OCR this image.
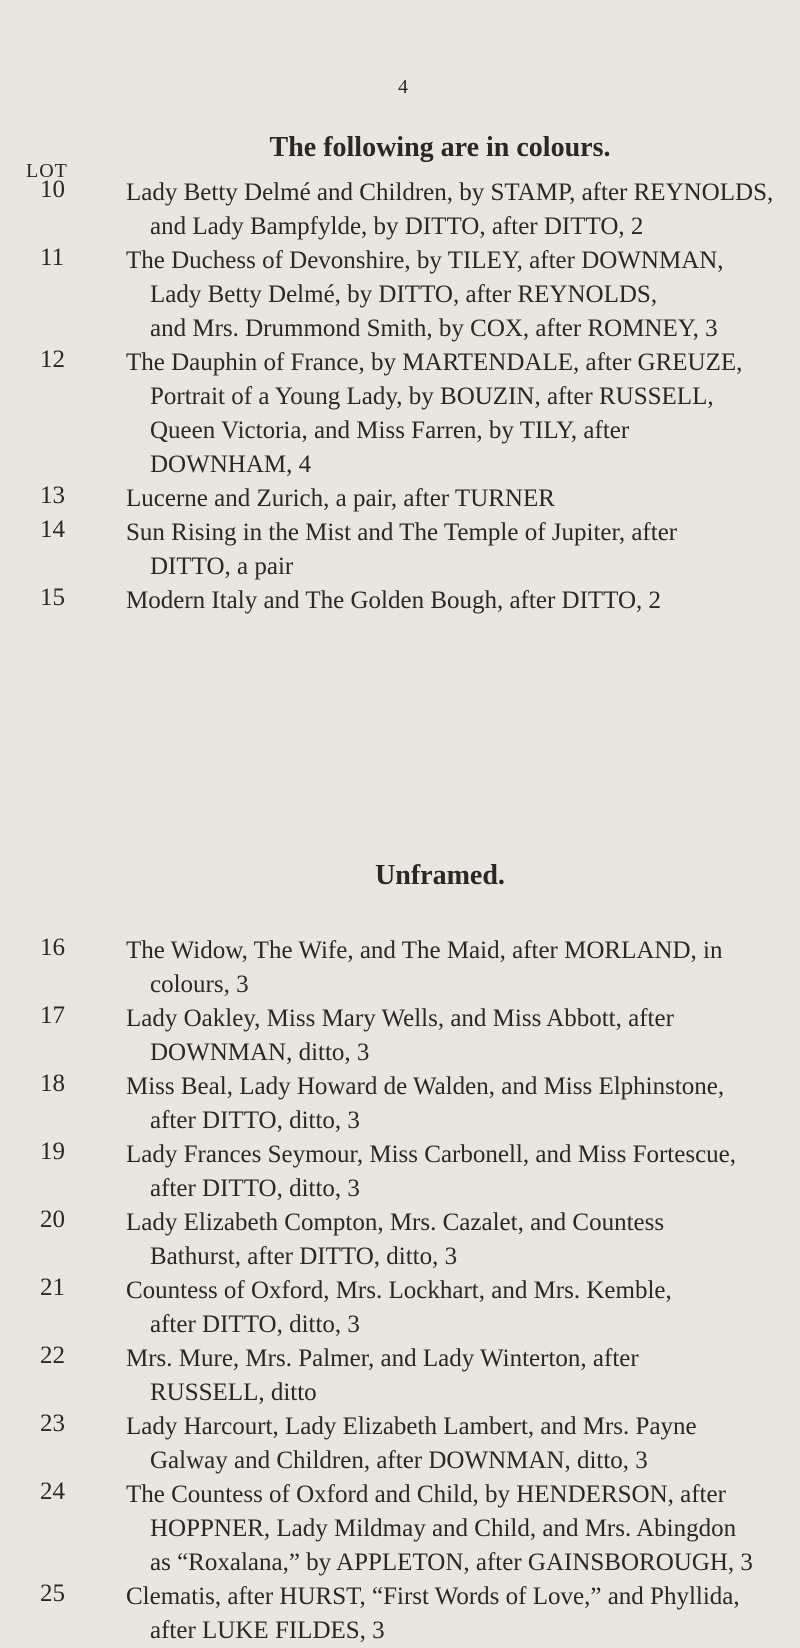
4
LOT
The following are in colours.
Unframed.
10 Lady Betty Delmé and Children, by STAMP, after REYNOLDS,
and Lady Bampfylde, by DITTO, after DITTO, 2
11 The Duchess of Devonshire, by TILEY, after DOWNMAN,
Lady Betty Delmé, by DITTO, after REYNOLDS,
and Mrs. Drummond Smith, by COX, after ROMNEY, 3
12 The Dauphin of France, by MARTENDALE, after GREUZE,
Portrait of a Young Lady, by BOUZIN, after RUSSELL,
Queen Victoria, and Miss Farren, by TILY, after
DOWNHAM, 4
13 Lucerne and Zurich, a pair, after TURNER
14 Sun Rising in the Mist and The Temple of Jupiter, after
DITTO, a pair
15 Modern Italy and The Golden Bough, after DITTO, 2
16 The Widow, The Wife, and The Maid, after MORLAND, in
colours, 3
17 Lady Oakley, Miss Mary Wells, and Miss Abbott, after
DOWNMAN, ditto, 3
18 Miss Beal, Lady Howard de Walden, and Miss Elphinstone,
after DITTO, ditto, 3
19 Lady Frances Seymour, Miss Carbonell, and Miss Fortescue,
after DITTO, ditto, 3
20 Lady Elizabeth Compton, Mrs. Cazalet, and Countess
Bathurst, after DITTO, ditto, 3
21 Countess of Oxford, Mrs. Lockhart, and Mrs. Kemble,
after DITTO, ditto, 3
22 Mrs. Mure, Mrs. Palmer, and Lady Winterton, after
RUSSELL, ditto
23 Lady Harcourt, Lady Elizabeth Lambert, and Mrs. Payne
Galway and Children, after DOWNMAN, ditto, 3
24 The Countess of Oxford and Child, by HENDERSON, after
HOPPNER, Lady Mildmay and Child, and Mrs. Abingdon
as “Roxalana,” by APPLETON, after GAINSBOROUGH, 3
25 Clematis, after HURST, “First Words of Love,” and Phyllida,
after LUKE FILDES, 3
